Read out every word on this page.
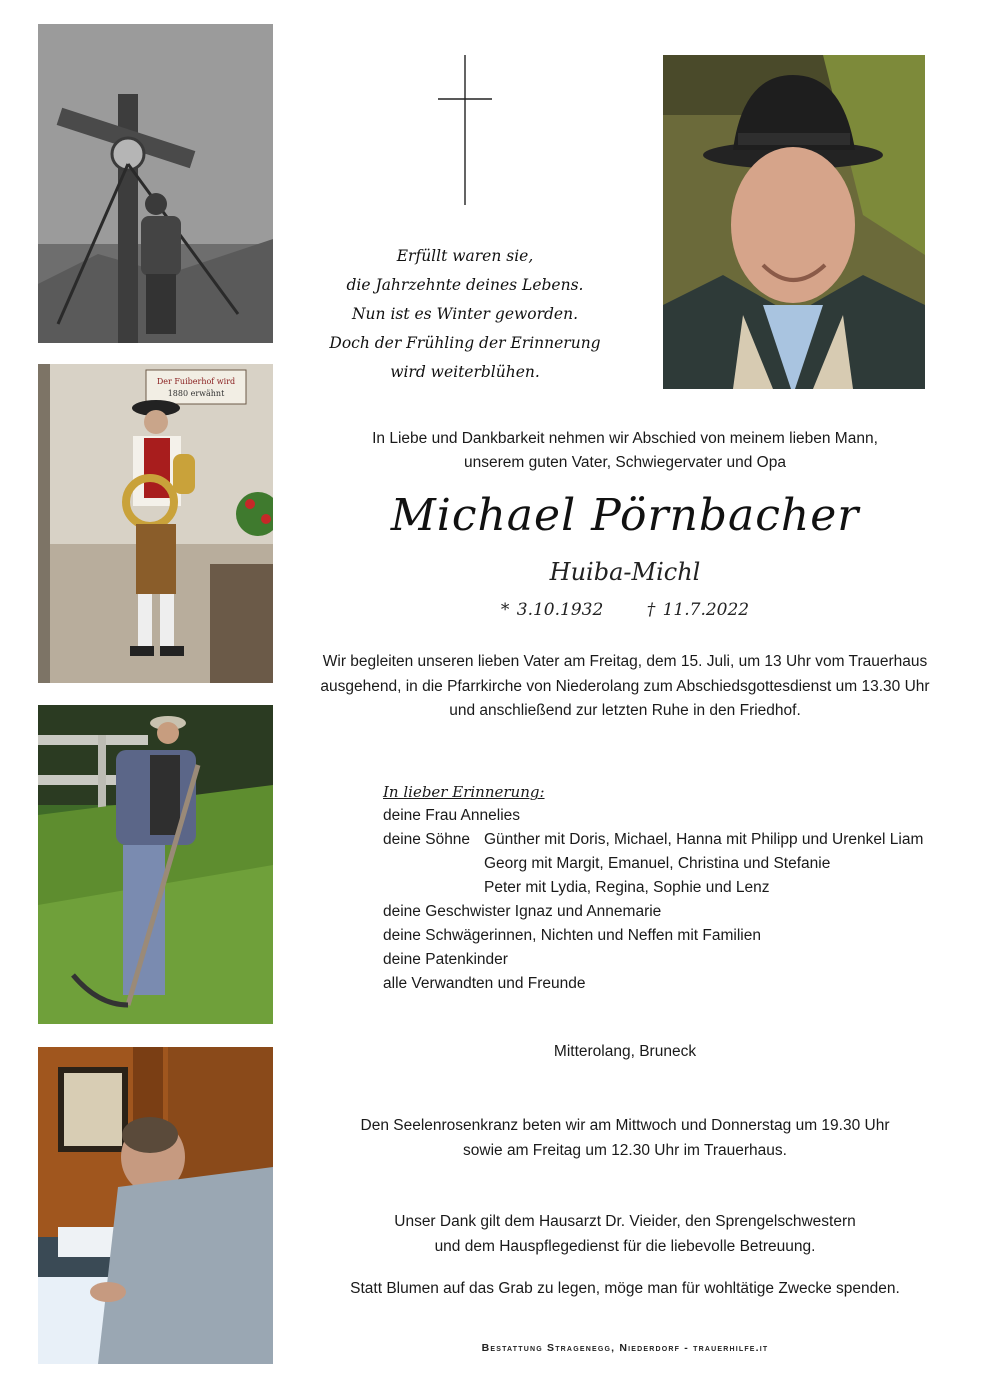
Der Fuiberhof wird
1880 erwähnt
Erfüllt waren sie,
die Jahrzehnte deines Lebens.
Nun ist es Winter geworden.
Doch der Frühling der Erinnerung
wird weiterblühen.
In Liebe und Dankbarkeit nehmen wir Abschied von meinem lieben Mann,
unserem guten Vater, Schwiegervater und Opa
Michael Pörnbacher
Huiba-Michl
* 3.10.1932	† 11.7.2022
Wir begleiten unseren lieben Vater am Freitag, dem 15. Juli, um 13 Uhr vom Trauerhaus
ausgehend, in die Pfarrkirche von Niederolang zum Abschiedsgottesdienst um 13.30 Uhr
und anschließend zur letzten Ruhe in den Friedhof.
In lieber Erinnerung:
deine Frau Annelies
deine Söhne Günther mit Doris, Michael, Hanna mit Philipp und Urenkel Liam
Georg mit Margit, Emanuel, Christina und Stefanie
Peter mit Lydia, Regina, Sophie und Lenz
deine Geschwister Ignaz und Annemarie
deine Schwägerinnen, Nichten und Neffen mit Familien
deine Patenkinder
alle Verwandten und Freunde
Mitterolang, Bruneck
Den Seelenrosenkranz beten wir am Mittwoch und Donnerstag um 19.30 Uhr
sowie am Freitag um 12.30 Uhr im Trauerhaus.
Unser Dank gilt dem Hausarzt Dr. Vieider, den Sprengelschwestern
und dem Hauspflegedienst für die liebevolle Betreuung.
Statt Blumen auf das Grab zu legen, möge man für wohltätige Zwecke spenden.
Bestattung Stragenegg, Niederdorf - trauerhilfe.it
